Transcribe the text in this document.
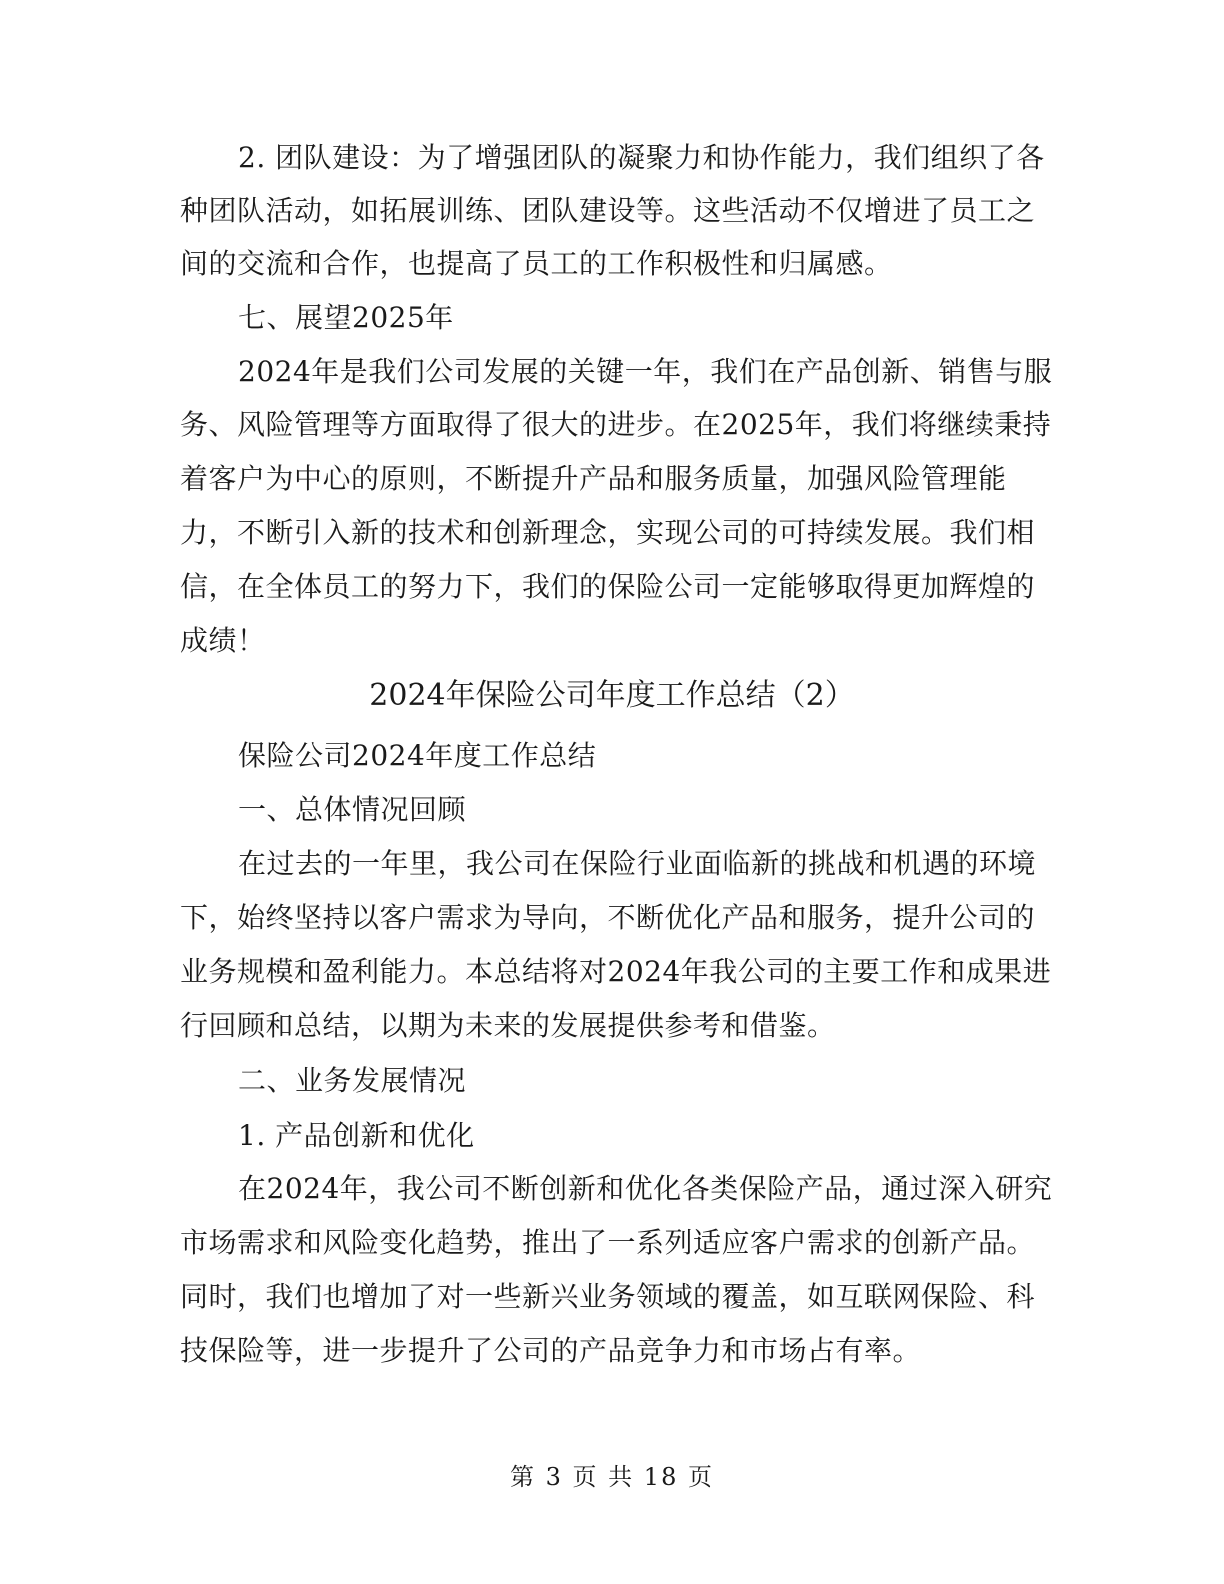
2. 团队建设：为了增强团队的凝聚力和协作能力，我们组织了各
种团队活动，如拓展训练、团队建设等。这些活动不仅增进了员工之
间的交流和合作，也提高了员工的工作积极性和归属感。
七、展望2025年
2024年是我们公司发展的关键一年，我们在产品创新、销售与服
务、风险管理等方面取得了很大的进步。在2025年，我们将继续秉持
着客户为中心的原则，不断提升产品和服务质量，加强风险管理能
力，不断引入新的技术和创新理念，实现公司的可持续发展。我们相
信，在全体员工的努力下，我们的保险公司一定能够取得更加辉煌的
成绩！
2024年保险公司年度工作总结（2）
保险公司2024年度工作总结
一、总体情况回顾
在过去的一年里，我公司在保险行业面临新的挑战和机遇的环境
下，始终坚持以客户需求为导向，不断优化产品和服务，提升公司的
业务规模和盈利能力。本总结将对2024年我公司的主要工作和成果进
行回顾和总结，以期为未来的发展提供参考和借鉴。
二、业务发展情况
1. 产品创新和优化
在2024年，我公司不断创新和优化各类保险产品，通过深入研究
市场需求和风险变化趋势，推出了一系列适应客户需求的创新产品。
同时，我们也增加了对一些新兴业务领域的覆盖，如互联网保险、科
技保险等，进一步提升了公司的产品竞争力和市场占有率。
第 3 页 共 18 页
